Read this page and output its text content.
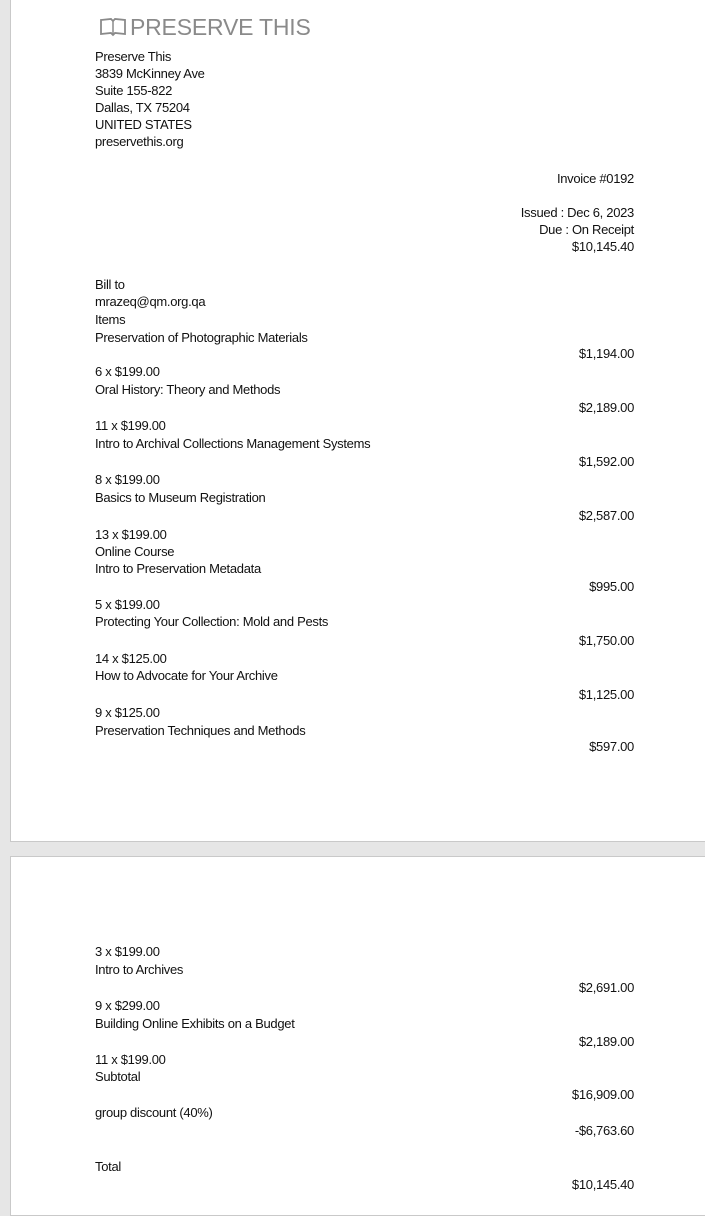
PRESERVE THIS
Preserve This
3839 McKinney Ave
Suite 155-822
Dallas, TX 75204
UNITED STATES
preservethis.org
Invoice #0192
Issued : Dec 6, 2023
Due : On Receipt
$10,145.40
Bill to
mrazeq@qm.org.qa
Items
Preservation of Photographic Materials
$1,194.00
6 x $199.00
Oral History: Theory and Methods
$2,189.00
11 x $199.00
Intro to Archival Collections Management Systems
$1,592.00
8 x $199.00
Basics to Museum Registration
$2,587.00
13 x $199.00
Online Course
Intro to Preservation Metadata
$995.00
5 x $199.00
Protecting Your Collection: Mold and Pests
$1,750.00
14 x $125.00
How to Advocate for Your Archive
$1,125.00
9 x $125.00
Preservation Techniques and Methods
$597.00
3 x $199.00
Intro to Archives
$2,691.00
9 x $299.00
Building Online Exhibits on a Budget
$2,189.00
11 x $199.00
Subtotal
$16,909.00
group discount (40%)
-$6,763.60
Total
$10,145.40
